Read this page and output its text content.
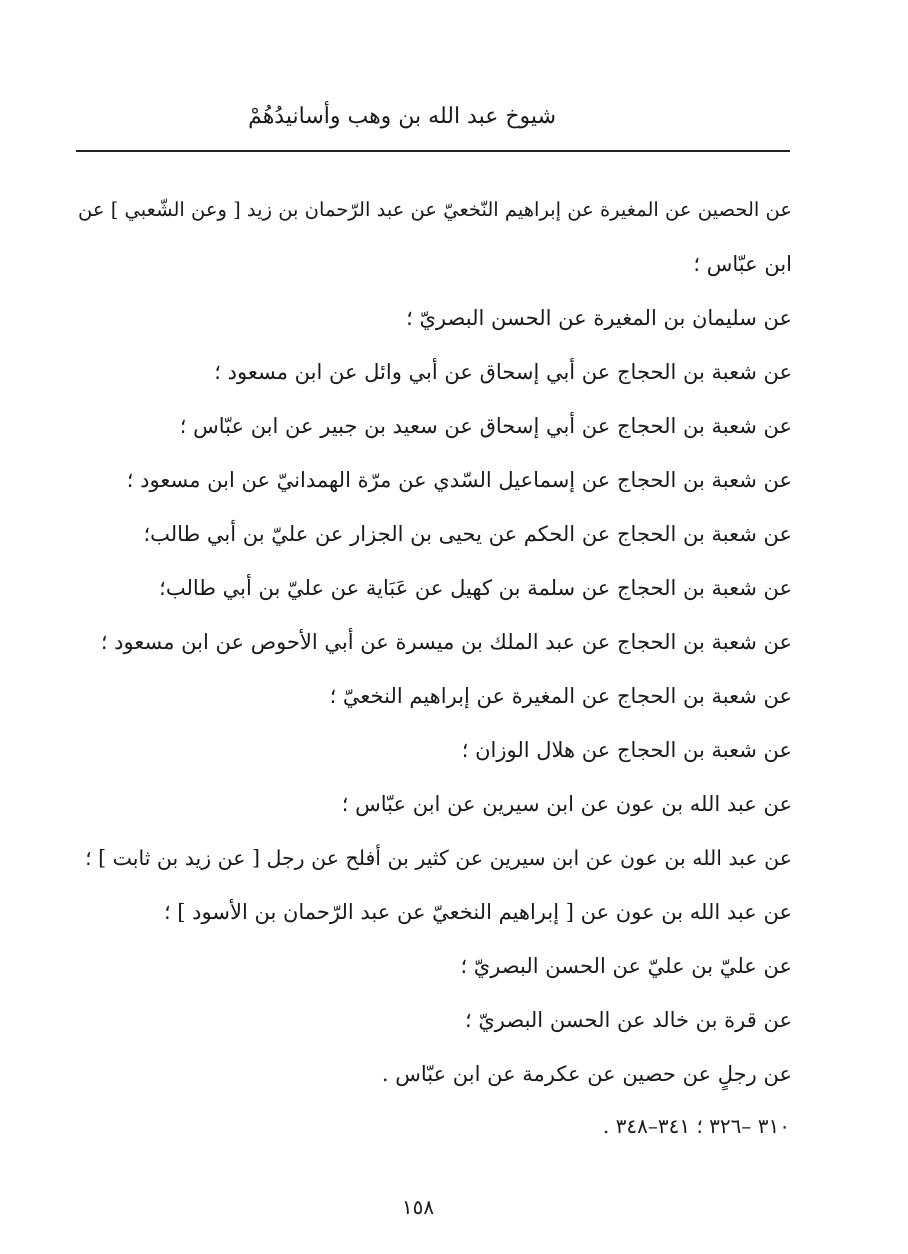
شيوخ عبد الله بن وهب وأسانيدُهُمْ

عن الحصين عن المغيرة عن إبراهيم النّخعيّ عن عبد الرّحمان بن زيد [ وعن الشّعبي ] عن

ابن عبّاس ؛

عن سليمان بن المغيرة عن الحسن البصريّ ؛

عن شعبة بن الحجاج عن أبي إسحاق عن أبي وائل عن ابن مسعود ؛

عن شعبة بن الحجاج عن أبي إسحاق عن سعيد بن جبير عن ابن عبّاس ؛

عن شعبة بن الحجاج عن إسماعيل السّدي عن مرّة الهمدانيّ عن ابن مسعود ؛

عن شعبة بن الحجاج عن الحكم عن يحيى بن الجزار عن عليّ بن أبي طالب؛

عن شعبة بن الحجاج عن سلمة بن كهيل عن عَبَاية عن عليّ بن أبي طالب؛

عن شعبة بن الحجاج عن عبد الملك بن ميسرة عن أبي الأحوص عن ابن مسعود ؛

عن شعبة بن الحجاج عن المغيرة عن إبراهيم النخعيّ ؛

عن شعبة بن الحجاج عن هلال الوزان ؛

عن عبد الله بن عون عن ابن سيرين عن ابن عبّاس ؛

عن عبد الله بن عون عن ابن سيرين عن كثير بن أفلح عن رجل [ عن زيد بن ثابت ] ؛

عن عبد الله بن عون عن [ إبراهيم النخعيّ عن عبد الرّحمان بن الأسود ] ؛

عن عليّ بن عليّ عن الحسن البصريّ ؛

عن قرة بن خالد عن الحسن البصريّ ؛

عن رجلٍ عن حصين عن عكرمة عن ابن عبّاس .

٣١٠ –٣٢٦ ؛ ٣٤١–٣٤٨ .
١٥٨
